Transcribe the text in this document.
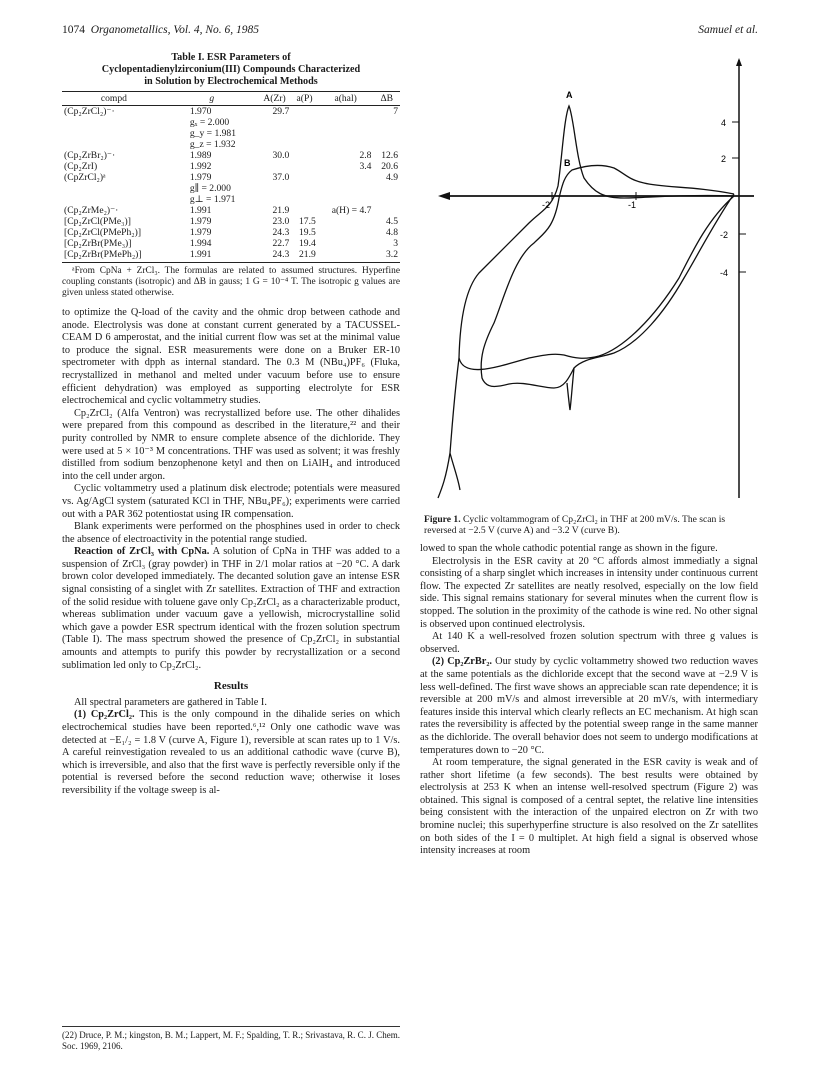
1074 Organometallics, Vol. 4, No. 6, 1985	Samuel et al.
Table I. ESR Parameters of
Cyclopentadienylzirconium(III) Compounds Characterized
in Solution by Electrochemical Methods
compd	g	A(Zr)	a(P)	a(hal)	ΔB
(Cp₂ZrCl₂)⁻·	1.970	29.7			7
	gₓ = 2.000				
	g_y = 1.981				
	g_z = 1.932				
(Cp₂ZrBr₂)⁻·	1.989	30.0		2.8	12.6
(Cp₂ZrI)	1.992			3.4	20.6
(CpZrCl₂)ᵃ	1.979	37.0			4.9
	g∥ = 2.000				
	g⊥ = 1.971				
(Cp₂ZrMe₂)⁻·	1.991	21.9		a(H) = 4.7	
[Cp₂ZrCl(PMe₃)]	1.979	23.0	17.5		4.5
[Cp₂ZrCl(PMePh₂)]	1.979	24.3	19.5		4.8
[Cp₂ZrBr(PMe₃)]	1.994	22.7	19.4		3
[Cp₂ZrBr(PMePh₂)]	1.991	24.3	21.9		3.2
ᵃFrom CpNa + ZrCl₃. The formulas are related to assumed structures. Hyperfine coupling constants (isotropic) and ΔB in gauss; 1 G = 10⁻⁴ T. The isotropic g values are given unless stated otherwise.

to optimize the Q-load of the cavity and the ohmic drop between cathode and anode. Electrolysis was done at constant current generated by a TACUSSEL-CEAM D 6 amperostat, and the initial current flow was set at the minimal value to produce the signal. ESR measurements were done on a Bruker ER-10 spectrometer with dpph as internal standard. The 0.3 M (NBu₄)PF₆ (Fluka, recrystallized in methanol and melted under vacuum before use to ensure efficient dehydration) was employed as supporting electrolyte for ESR electrochemical and cyclic voltammetry studies.

Cp₂ZrCl₂ (Alfa Ventron) was recrystallized before use. The other dihalides were prepared from this compound as described in the literature,²² and their purity controlled by NMR to ensure complete absence of the dichloride. They were used at 5 × 10⁻³ M concentrations. THF was used as solvent; it was freshly distilled from sodium benzophenone ketyl and then on LiAlH₄ and introduced into the cell under argon.

Cyclic voltammetry used a platinum disk electrode; potentials were measured vs. Ag/AgCl system (saturated KCl in THF, NBu₄PF₆); experiments were carried out with a PAR 362 potentiostat using IR compensation.

Blank experiments were performed on the phosphines used in order to check the absence of electroactivity in the potential range studied.

Reaction of ZrCl₃ with CpNa. A solution of CpNa in THF was added to a suspension of ZrCl₃ (gray powder) in THF in 2/1 molar ratios at −20 °C. A dark brown color developed immediately. The decanted solution gave an intense ESR signal consisting of a singlet with Zr satellites. Extraction of THF and extraction of the solid residue with toluene gave only Cp₂ZrCl₂ as a characterizable product, whereas sublimation under vacuum gave a yellowish, microcrystalline solid which gave a powder ESR spectrum identical with the frozen solution spectrum (Table I). The mass spectrum showed the presence of Cp₂ZrCl₂ in substantial amounts and attempts to purify this powder by recrystallization or a second sublimation led only to Cp₂ZrCl₂.

Results

All spectral parameters are gathered in Table I.

(1) Cp₂ZrCl₂. This is the only compound in the dihalide series on which electrochemical studies have been reported.⁶,¹² Only one cathodic wave was detected at −E₁/₂ = 1.8 V (curve A, Figure 1), reversible at scan rates up to 1 V/s. A careful reinvestigation revealed to us an additional cathodic wave (curve B), which is irreversible, and also that the first wave is perfectly reversible only if the potential is reversed before the second reduction wave; otherwise it loses reversibility if the voltage sweep is al-

(22) Druce, P. M.; kingston, B. M.; Lappert, M. F.; Spalding, T. R.; Srivastava, R. C. J. Chem. Soc. 1969, 2106.
4
2
-2
-4
-2	-1
A
B
Figure 1. Cyclic voltammogram of Cp₂ZrCl₂ in THF at 200 mV/s. The scan is reversed at −2.5 V (curve A) and −3.2 V (curve B).

lowed to span the whole cathodic potential range as shown in the figure.

Electrolysis in the ESR cavity at 20 °C affords almost immediatly a signal consisting of a sharp singlet which increases in intensity under continuous current flow. The expected Zr satellites are neatly resolved, especially on the low field side. This signal remains stationary for several minutes when the current flow is stopped. The solution in the proximity of the cathode is wine red. No other signal is observed upon continued electrolysis.

At 140 K a well-resolved frozen solution spectrum with three g values is observed.

(2) Cp₂ZrBr₂. Our study by cyclic voltammetry showed two reduction waves at the same potentials as the dichloride except that the second wave at −2.9 V is less well-defined. The first wave shows an appreciable scan rate dependence; it is reversible at 200 mV/s and almost irreversible at 20 mV/s, with intermediary features inside this interval which clearly reflects an EC mechanism. At high scan rates the reversibility is affected by the potential sweep range in the same manner as the dichloride. The overall behavior does not seem to undergo modifications at temperatures down to −20 °C.

At room temperature, the signal generated in the ESR cavity is weak and of rather short lifetime (a few seconds). The best results were obtained by electrolysis at 253 K when an intense well-resolved spectrum (Figure 2) was obtained. This signal is composed of a central septet, the relative line intensities being consistent with the interaction of the unpaired electron on Zr with two bromine nuclei; this superhyperfine structure is also resolved on the Zr satellites on both sides of the I = 0 multiplet. At high field a signal is observed whose intensity increases at room
